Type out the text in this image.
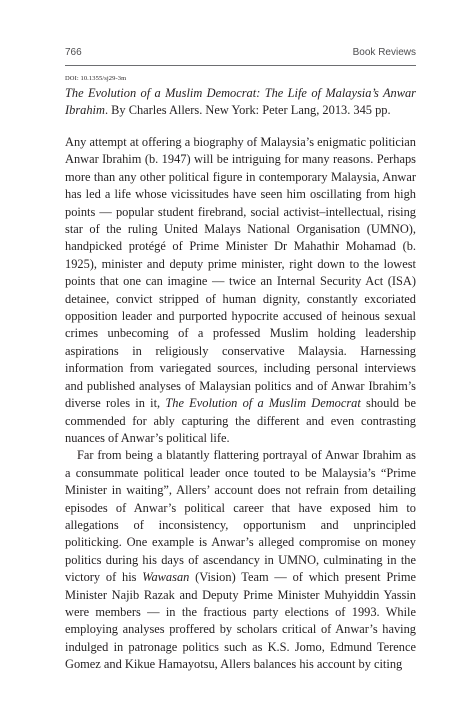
766	Book Reviews
DOI: 10.1355/sj29-3m
The Evolution of a Muslim Democrat: The Life of Malaysia’s Anwar Ibrahim. By Charles Allers. New York: Peter Lang, 2013. 345 pp.

Any attempt at offering a biography of Malaysia’s enigmatic politician Anwar Ibrahim (b. 1947) will be intriguing for many reasons. Perhaps more than any other political figure in contemporary Malaysia, Anwar has led a life whose vicissitudes have seen him oscillating from high points — popular student firebrand, social activist–intellectual, rising star of the ruling United Malays National Organisation (UMNO), handpicked protégé of Prime Minister Dr Mahathir Mohamad (b. 1925), minister and deputy prime minister, right down to the lowest points that one can imagine — twice an Internal Security Act (ISA) detainee, convict stripped of human dignity, constantly excoriated opposition leader and purported hypocrite accused of heinous sexual crimes unbecoming of a professed Muslim holding leadership aspirations in religiously conservative Malaysia. Harnessing information from variegated sources, including personal interviews and published analyses of Malaysian politics and of Anwar Ibrahim’s diverse roles in it, The Evolution of a Muslim Democrat should be commended for ably capturing the different and even contrasting nuances of Anwar’s political life.

Far from being a blatantly flattering portrayal of Anwar Ibrahim as a consummate political leader once touted to be Malaysia’s “Prime Minister in waiting”, Allers’ account does not refrain from detailing episodes of Anwar’s political career that have exposed him to allegations of inconsistency, opportunism and unprincipled politicking. One example is Anwar’s alleged compromise on money politics during his days of ascendancy in UMNO, culminating in the victory of his Wawasan (Vision) Team — of which present Prime Minister Najib Razak and Deputy Prime Minister Muhyiddin Yassin were members — in the fractious party elections of 1993. While employing analyses proffered by scholars critical of Anwar’s having indulged in patronage politics such as K.S. Jomo, Edmund Terence Gomez and Kikue Hamayotsu, Allers balances his account by citing
